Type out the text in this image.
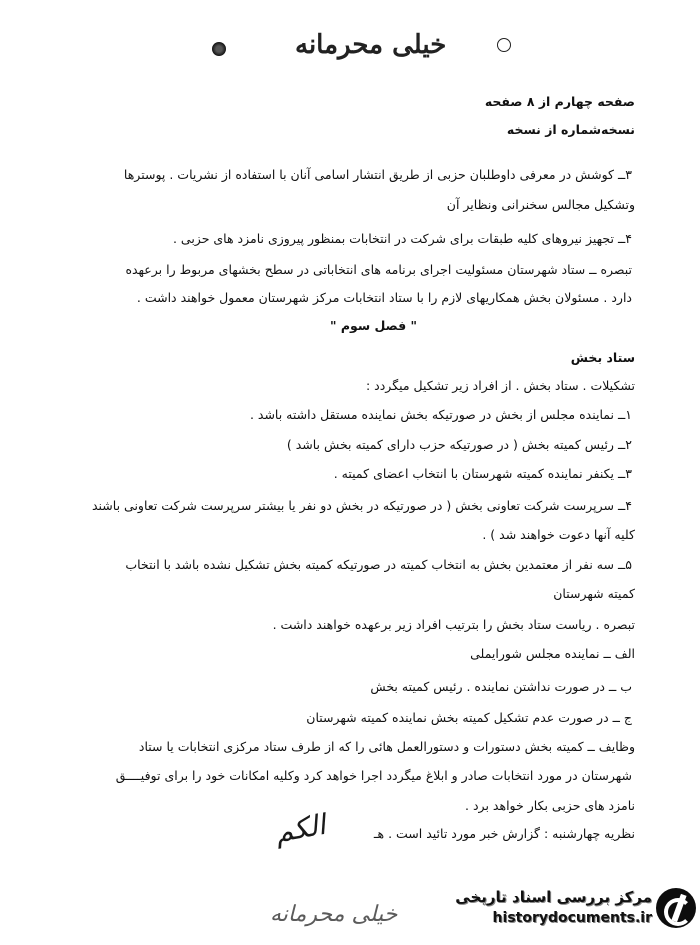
خیلی محرمانه
صفحه چهارم از ۸ صفحه
نسخه‌شماره از نسخه
۳ــ کوشش در معرفی داوطلبان حزبی از طریق انتشار اسامی آنان با استفاده از نشریات . پوسترها
وتشکیل مجالس سخنرانی ونظایر آن
۴ــ تجهیز نیروهای کلیه طبقات برای شرکت در انتخابات بمنظور پیروزی نامزد های حزبی .
تبصره ــ ستاد شهرستان مسئولیت اجرای برنامه های انتخاباتی در سطح بخشهای مربوط را برعهده
دارد . مسئولان بخش همکاریهای لازم را با ستاد انتخابات مرکز شهرستان معمول خواهند داشت .
" فصل سوم "
ستاد بخش
تشکیلات . ستاد بخش . از افراد زیر تشکیل میگردد :
۱ــ نماینده مجلس از بخش در صورتیکه بخش نماینده مستقل داشته باشد .
۲ــ رئیس کمیته بخش ( در صورتیکه حزب دارای کمیته بخش باشد )
۳ــ یکنفر نماینده کمیته شهرستان با انتخاب اعضای کمیته .
۴ــ سرپرست شرکت تعاونی بخش ( در صورتیکه در بخش دو نفر یا بیشتر سرپرست شرکت تعاونی باشند
کلیه آنها دعوت خواهند شد ) .
۵ــ سه نفر از معتمدین بخش به انتخاب کمیته در صورتیکه کمیته بخش تشکیل نشده باشد با انتخاب
کمیته شهرستان
تبصره . ریاست ستاد بخش را بترتیب افراد زیر برعهده خواهند داشت .
الف ــ نماینده مجلس شورایملی
ب ــ در صورت نداشتن نماینده . رئیس کمیته بخش
ج ــ در صورت عدم تشکیل کمیته بخش نماینده کمیته شهرستان
وظایف ــ کمیته بخش دستورات و دستورالعمل هائی را که از طرف ستاد مرکزی انتخابات یا ستاد
شهرستان در مورد انتخابات صادر و ابلاغ میگردد اجرا خواهد کرد وکلیه امکانات خود را برای توفیــــق
نامزد های حزبی بکار خواهد برد .
نظریه چهارشنبه : گزارش خبر مورد تائید است . هـ
الکم
خیلی محرمانه
مرکز بررسی اسناد تاریخی
historydocuments.ir
